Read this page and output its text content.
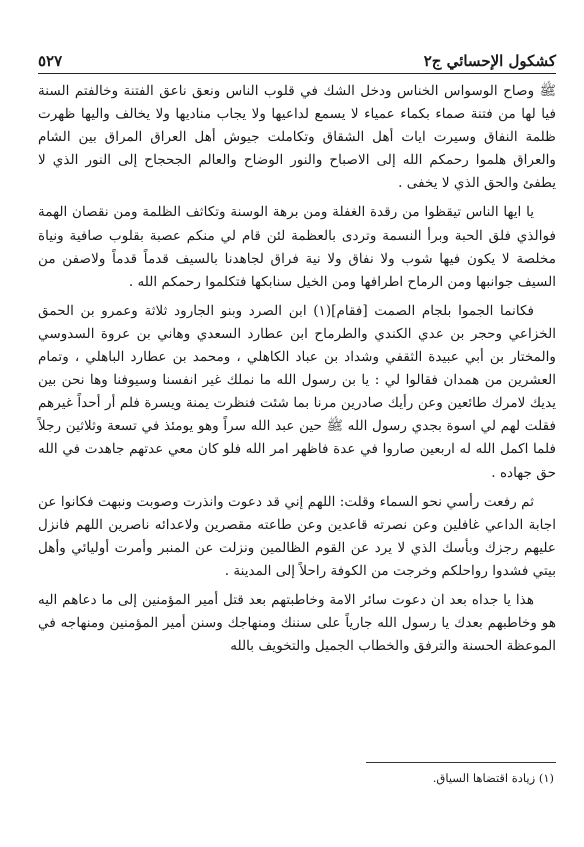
كشكول الإحسائي ج٢
٥٢٧

ﷺ وصاح الوسواس الخناس ودخل الشك في قلوب الناس ونعق ناعق الفتنة وخالفتم السنة فيا لها من فتنة صماء بكماء عمياء لا يسمع لداعيها ولا يجاب مناديها ولا يخالف واليها ظهرت ظلمة النفاق وسيرت ايات أهل الشقاق وتكاملت جيوش أهل العراق المراق بين الشام والعراق هلموا رحمكم الله إلى الاصباح والنور الوضاح والعالم الجحجاح إلى النور الذي لا يطفئ والحق الذي لا يخفى .

يا ايها الناس تيقظوا من رقدة الغفلة ومن برهة الوسنة وتكاثف الظلمة ومن نقصان الهمة فوالذي فلق الحبة وبرأ النسمة وتردى بالعظمة لئن قام لي منكم عصبة بقلوب صافية ونياة مخلصة لا يكون فيها شوب ولا نفاق ولا نية فراق لجاهدنا بالسيف قدماً قدماً ولاصفن من السيف جوانبها ومن الرماح اطرافها ومن الخيل سنابكها فتكلموا رحمكم الله .

فكانما الجموا بلجام الصمت [فقام](١) ابن الصرد وبنو الجارود ثلاثة وعمرو بن الحمق الخزاعي وحجر بن عدي الكندي والطرماح ابن عطارد السعدي وهاني بن عروة السدوسي والمختار بن أبي عبيدة الثقفي وشداد بن عباد الكاهلي ، ومحمد بن عطارد الباهلي ، وتمام العشرين من همدان فقالوا لي : يا بن رسول الله ما نملك غير انفسنا وسيوفنا وها نحن بين يديك لامرك طائعين وعن رأيك صادرين مرنا بما شئت فنظرت يمنة ويسرة فلم أر أحداً غيرهم فقلت لهم لي اسوة بجدي رسول الله ﷺ حين عبد الله سراً وهو يومئذ في تسعة وثلاثين رجلاً فلما اكمل الله له اربعين صاروا في عدة فاظهر امر الله فلو كان معي عدتهم جاهدت في الله حق جهاده .

ثم رفعت رأسي نحو السماء وقلت: اللهم إني قد دعوت وانذرت وصوبت ونبهت فكانوا عن اجابة الداعي غافلين وعن نصرته قاعدين وعن طاعته مقصرين ولاعدائه ناصرين اللهم فانزل عليهم رجزك وبأسك الذي لا يرد عن القوم الظالمين ونزلت عن المنبر وأمرت أوليائي وأهل بيتي فشدوا رواحلكم وخرجت من الكوفة راحلاً إلى المدينة .

هذا يا جداه بعد ان دعوت سائر الامة وخاطبتهم بعد قتل أمير المؤمنين إلى ما دعاهم اليه هو وخاطبهم بعدك يا رسول الله جارياً على سننك ومنهاجك وسنن أمير المؤمنين ومنهاجه في الموعظة الحسنة والترفق والخطاب الجميل والتخويف بالله

(١) زيادة اقتضاها السياق.
